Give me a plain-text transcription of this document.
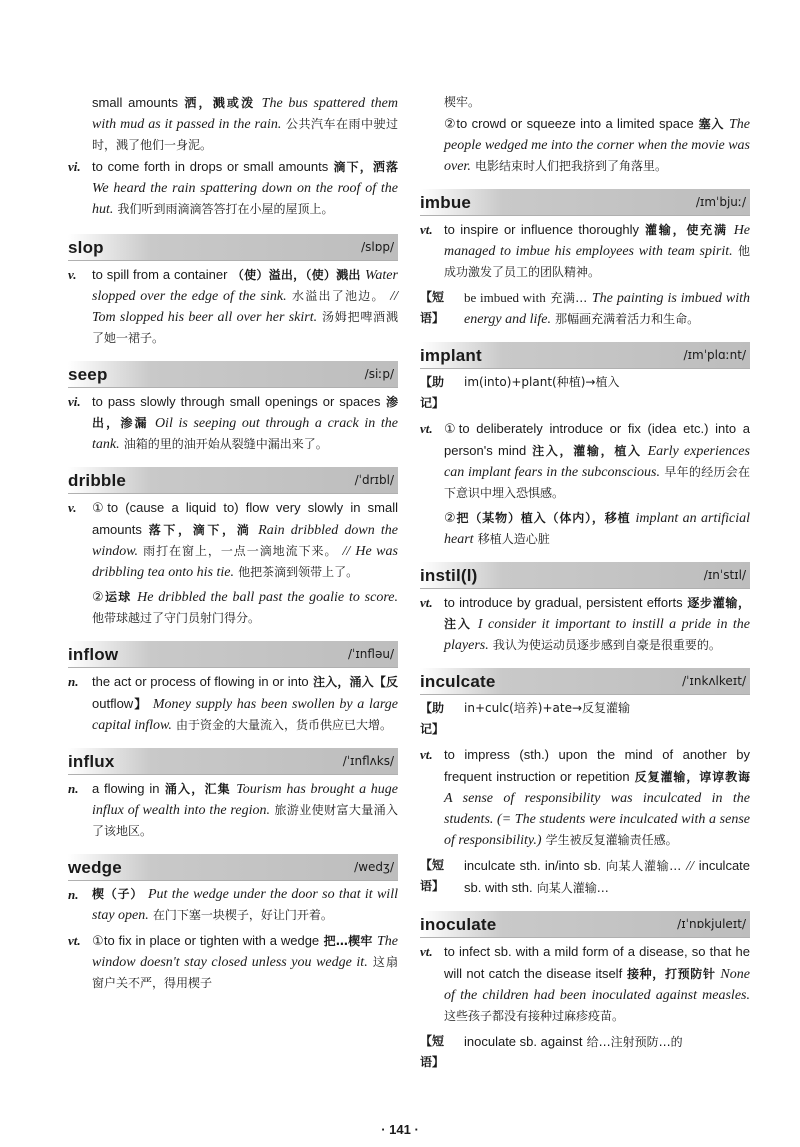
small amounts 洒，溅或泼 The bus spattered them with mud as it passed in the rain. 公共汽车在雨中驶过时，溅了他们一身泥。
vi. to come forth in drops or small amounts 滴下，洒落 We heard the rain spattering down on the roof of the hut. 我们听到雨滴滴答答打在小屋的屋顶上。
slop	/slɒp/
v.	to spill from a container （使）溢出，（使）溅出 Water slopped over the edge of the sink. 水溢出了池边。 // Tom slopped his beer all over her skirt. 汤姆把啤酒溅了她一裙子。
seep	/siːp/
vi. to pass slowly through small openings or spaces 渗出，渗漏 Oil is seeping out through a crack in the tank. 油箱的里的油开始从裂缝中漏出来了。
dribble	/ˈdrɪbl/
v.	①to (cause a liquid to) flow very slowly in small amounts 落下，滴下，淌 Rain dribbled down the window. 雨打在窗上，一点一滴地流下来。 // He was dribbling tea onto his tie. 他把茶滴到领带上了。
②运球 He dribbled the ball past the goalie to score. 他带球越过了守门员射门得分。
inflow	/ˈɪnfləu/
n.	the act or process of flowing in or into 注入，涌入【反 outflow】 Money supply has been swollen by a large capital inflow. 由于资金的大量流入，货币供应已大增。
influx	/ˈɪnflʌks/
n.	a flowing in 涌入，汇集 Tourism has brought a huge influx of wealth into the region. 旅游业使财富大量涌入了该地区。
wedge	/wedʒ/
n.	楔（子） Put the wedge under the door so that it will stay open. 在门下塞一块楔子，好让门开着。
vt. ①to fix in place or tighten with a wedge 把…楔牢 The window doesn't stay closed unless you wedge it. 这扇窗户关不严，得用楔子
楔牢。
②to crowd or squeeze into a limited space 塞入 The people wedged me into the corner when the movie was over. 电影结束时人们把我挤到了角落里。
imbue	/ɪmˈbjuː/
vt. to inspire or influence thoroughly 灌输，使充满 He managed to imbue his employees with team spirit. 他成功激发了员工的团队精神。
【短语】
be imbued with 充满… The painting is imbued with energy and life. 那幅画充满着活力和生命。
implant	/ɪmˈplɑːnt/
【助记】
im(into)+plant(种植)→植入
vt. ①to deliberately introduce or fix (idea etc.) into a person's mind 注入，灌输，植入 Early experiences can implant fears in the subconscious. 早年的经历会在下意识中埋入恐惧感。
②把（某物）植入（体内），移植 implant an artificial heart 移植人造心脏
instil(l)	/ɪnˈstɪl/
vt. to introduce by gradual, persistent efforts 逐步灌输，注入 I consider it important to instill a pride in the players. 我认为使运动员逐步感到自豪是很重要的。
inculcate	/ˈɪnkʌlkeɪt/
【助记】
in+culc(培养)+ate→反复灌输
vt. to impress (sth.) upon the mind of another by frequent instruction or repetition 反复灌输，谆谆教诲 A sense of responsibility was inculcated in the students. (= The students were inculcated with a sense of responsibility.) 学生被反复灌输责任感。
【短语】
inculcate sth. in/into sb. 向某人灌输… // inculcate sb. with sth. 向某人灌输…
inoculate	/ɪˈnɒkjuleɪt/
vt. to infect sb. with a mild form of a disease, so that he will not catch the disease itself 接种，打预防针 None of the children had been inoculated against measles. 这些孩子都没有接种过麻疹疫苗。
【短语】
inoculate sb. against 给…注射预防…的
· 141 ·
